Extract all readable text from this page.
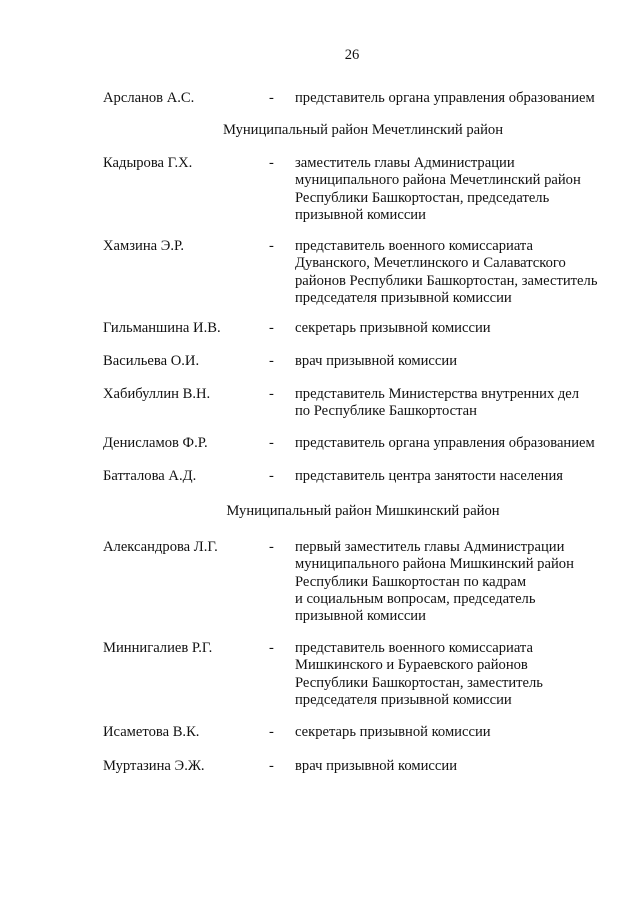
26
Арсланов А.С.	- представитель органа управления образованием
Муниципальный район Мечетлинский район
Кадырова Г.Х.	- заместитель главы Администрации
муниципального района Мечетлинский район
Республики Башкортостан, председатель
призывной комиссии
Хамзина Э.Р.	- представитель военного комиссариата
Дуванского, Мечетлинского и Салаватского
районов Республики Башкортостан, заместитель
председателя призывной комиссии
Гильманшина И.В.	- секретарь призывной комиссии
Васильева О.И.	- врач призывной комиссии
Хабибуллин В.Н.	- представитель Министерства внутренних дел
по Республике Башкортостан
Денисламов Ф.Р.	- представитель органа управления образованием
Батталова А.Д.	- представитель центра занятости населения
Муниципальный район Мишкинский район
Александрова Л.Г.	- первый заместитель главы Администрации
муниципального района Мишкинский район
Республики Башкортостан по кадрам
и социальным вопросам, председатель
призывной комиссии
Миннигалиев Р.Г.	- представитель военного комиссариата
Мишкинского и Бураевского районов
Республики Башкортостан, заместитель
председателя призывной комиссии
Исаметова В.К.	- секретарь призывной комиссии
Муртазина Э.Ж.	- врач призывной комиссии
